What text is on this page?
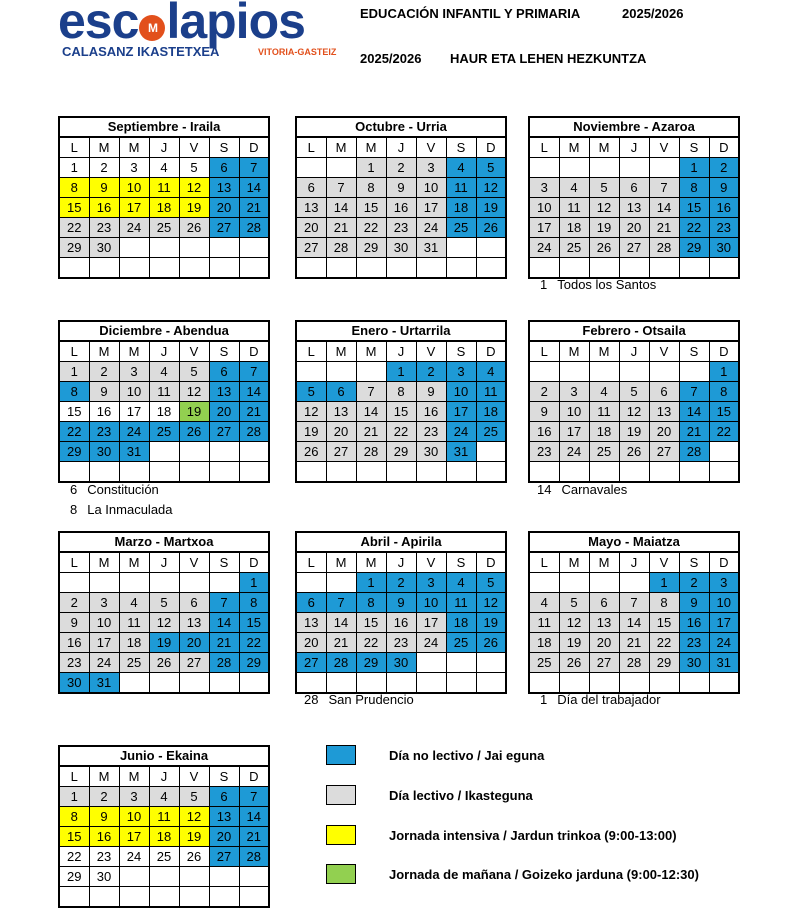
esc M lapios
CALASANZ IKASTETXEA	VITORIA-GASTEIZ
EDUCACIÓN INFANTIL Y PRIMARIA	2025/2026
2025/2026 HAUR ETA LEHEN HEZKUNTZA
Septiembre - Iraila						
L	M	M	J	V	S	D
1	2	3	4	5	6	7
8	9	10	11	12	13	14
15	16	17	18	19	20	21
22	23	24	25	26	27	28
29	30					

Octubre - Urria						
L	M	M	J	V	S	D
		1	2	3	4	5
6	7	8	9	10	11	12
13	14	15	16	17	18	19
20	21	22	23	24	25	26
27	28	29	30	31		

Noviembre - Azaroa						
L	M	M	J	V	S	D
					1	2
3	4	5	6	7	8	9
10	11	12	13	14	15	16
17	18	19	20	21	22	23
24	25	26	27	28	29	30

Diciembre - Abendua						
L	M	M	J	V	S	D
1	2	3	4	5	6	7
8	9	10	11	12	13	14
15	16	17	18	19	20	21
22	23	24	25	26	27	28
29	30	31				

Enero - Urtarrila						
L	M	M	J	V	S	D
			1	2	3	4
5	6	7	8	9	10	11
12	13	14	15	16	17	18
19	20	21	22	23	24	25
26	27	28	29	30	31	

Febrero - Otsaila						
L	M	M	J	V	S	D
						1
2	3	4	5	6	7	8
9	10	11	12	13	14	15
16	17	18	19	20	21	22
23	24	25	26	27	28	

Marzo - Martxoa						
L	M	M	J	V	S	D
						1
2	3	4	5	6	7	8
9	10	11	12	13	14	15
16	17	18	19	20	21	22
23	24	25	26	27	28	29
30	31					
Abril - Apirila						
L	M	M	J	V	S	D
		1	2	3	4	5
6	7	8	9	10	11	12
13	14	15	16	17	18	19
20	21	22	23	24	25	26
27	28	29	30			

Mayo - Maiatza						
L	M	M	J	V	S	D
				1	2	3
4	5	6	7	8	9	10
11	12	13	14	15	16	17
18	19	20	21	22	23	24
25	26	27	28	29	30	31

Junio - Ekaina						
L	M	M	J	V	S	D
1	2	3	4	5	6	7
8	9	10	11	12	13	14
15	16	17	18	19	20	21
22	23	24	25	26	27	28
29	30					

1 Todos los Santos
6 Constitución
8 La Inmaculada
14 Carnavales
28 San Prudencio	1 Día del trabajador
Día no lectivo / Jai eguna
Día lectivo / Ikasteguna
Jornada intensiva / Jardun trinkoa (9:00-13:00)
Jornada de mañana / Goizeko jarduna (9:00-12:30)
